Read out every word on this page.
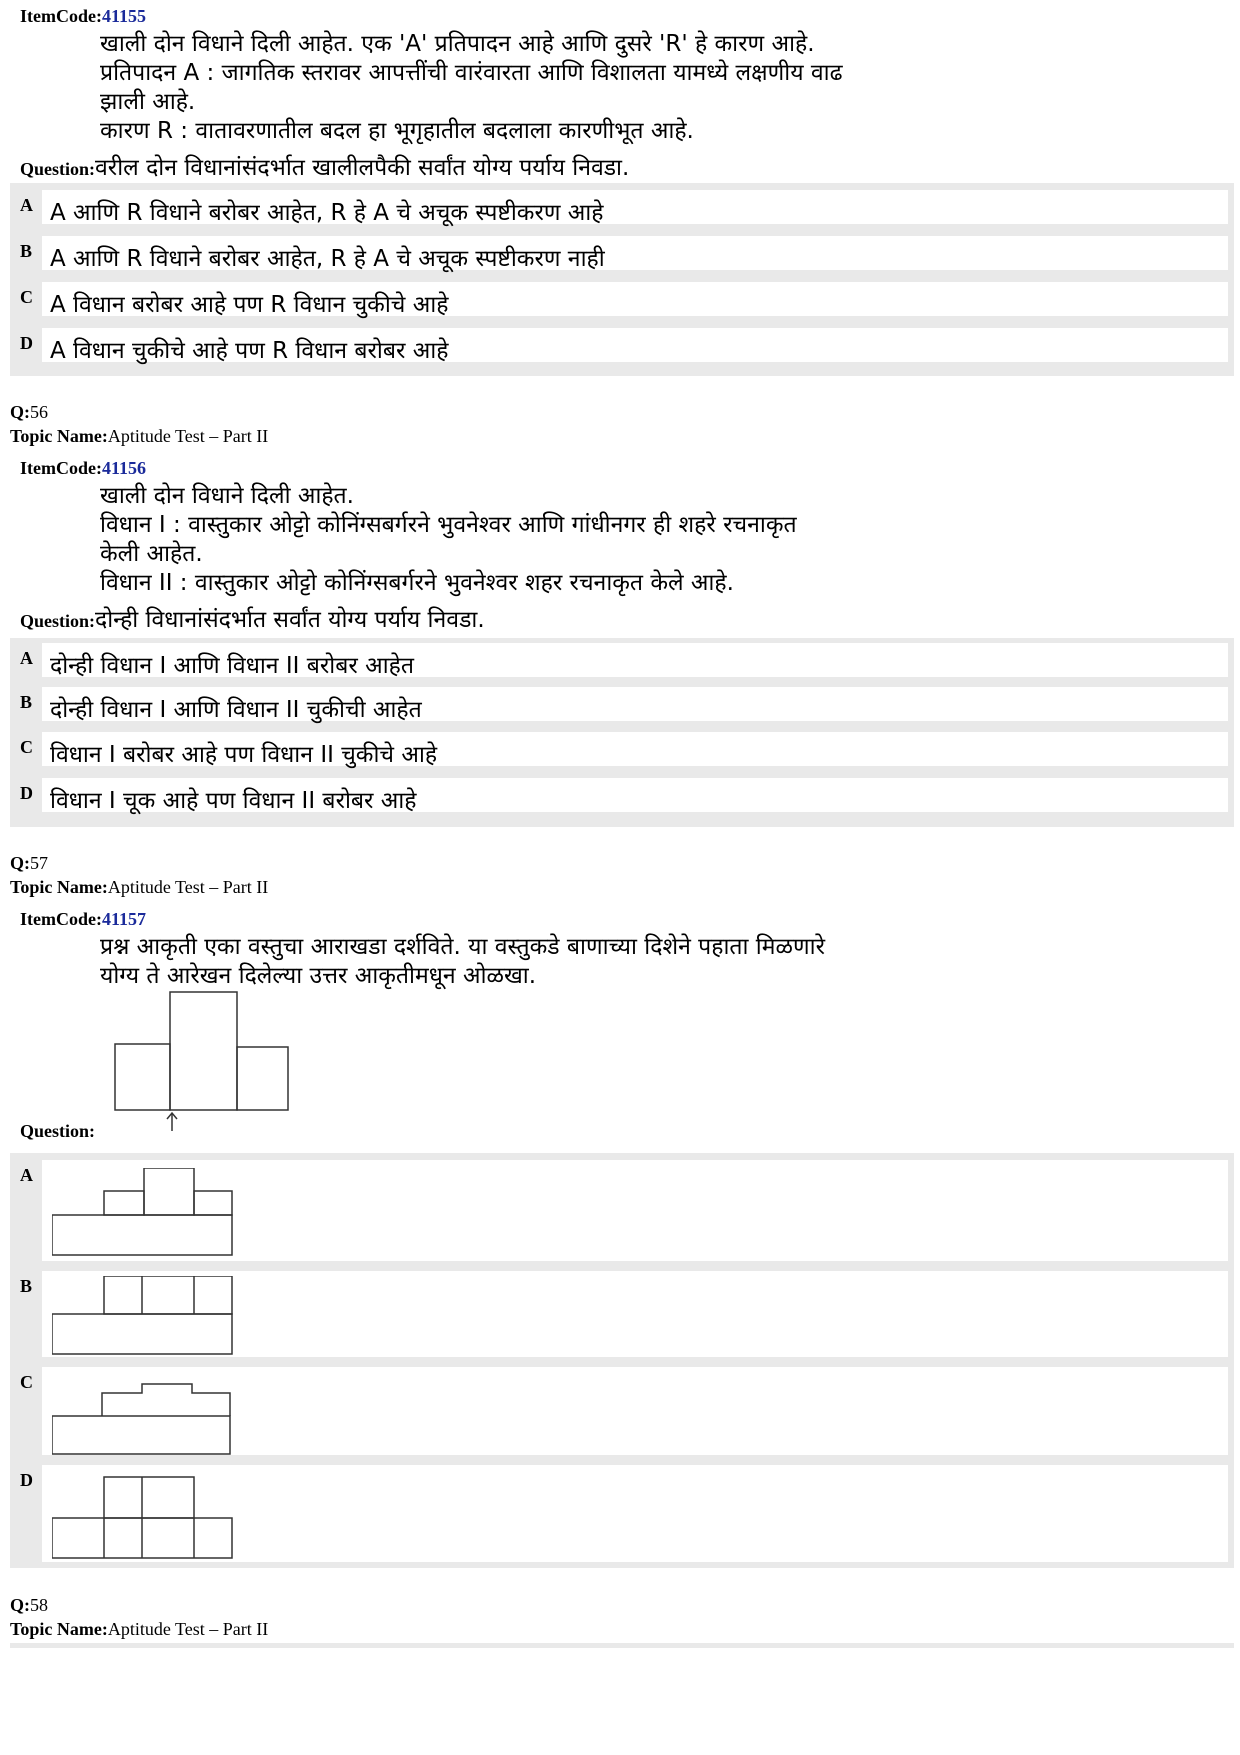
ItemCode:41155
खाली दोन विधाने दिली आहेत. एक 'A' प्रतिपादन आहे आणि दुसरे 'R' हे कारण आहे.
प्रतिपादन A : जागतिक स्तरावर आपत्तींची वारंवारता आणि विशालता यामध्ये लक्षणीय वाढ
झाली आहे.
कारण R : वातावरणातील बदल हा भूगृहातील बदलाला कारणीभूत आहे.
Question:वरील दोन विधानांसंदर्भात खालीलपैकी सर्वांत योग्य पर्याय निवडा.
A A आणि R विधाने बरोबर आहेत, R हे A चे अचूक स्पष्टीकरण आहे
B A आणि R विधाने बरोबर आहेत, R हे A चे अचूक स्पष्टीकरण नाही
C A विधान बरोबर आहे पण R विधान चुकीचे आहे
D A विधान चुकीचे आहे पण R विधान बरोबर आहे
Q:56
Topic Name:Aptitude Test – Part II
ItemCode:41156
खाली दोन विधाने दिली आहेत.
विधान I : वास्तुकार ओट्टो कोनिंग्सबर्गरने भुवनेश्वर आणि गांधीनगर ही शहरे रचनाकृत
केली आहेत.
विधान II : वास्तुकार ओट्टो कोनिंग्सबर्गरने भुवनेश्वर शहर रचनाकृत केले आहे.
Question:दोन्ही विधानांसंदर्भात सर्वांत योग्य पर्याय निवडा.
A दोन्ही विधान I आणि विधान II बरोबर आहेत
B दोन्ही विधान I आणि विधान II चुकीची आहेत
C विधान I बरोबर आहे पण विधान II चुकीचे आहे
D विधान I चूक आहे पण विधान II बरोबर आहे
Q:57
Topic Name:Aptitude Test – Part II
ItemCode:41157
प्रश्न आकृती एका वस्तुचा आराखडा दर्शविते. या वस्तुकडे बाणाच्या दिशेने पहाता मिळणारे
योग्य ते आरेखन दिलेल्या उत्तर आकृतीमधून ओळखा.
Question:
A
B
C
D
Q:58
Topic Name:Aptitude Test – Part II
